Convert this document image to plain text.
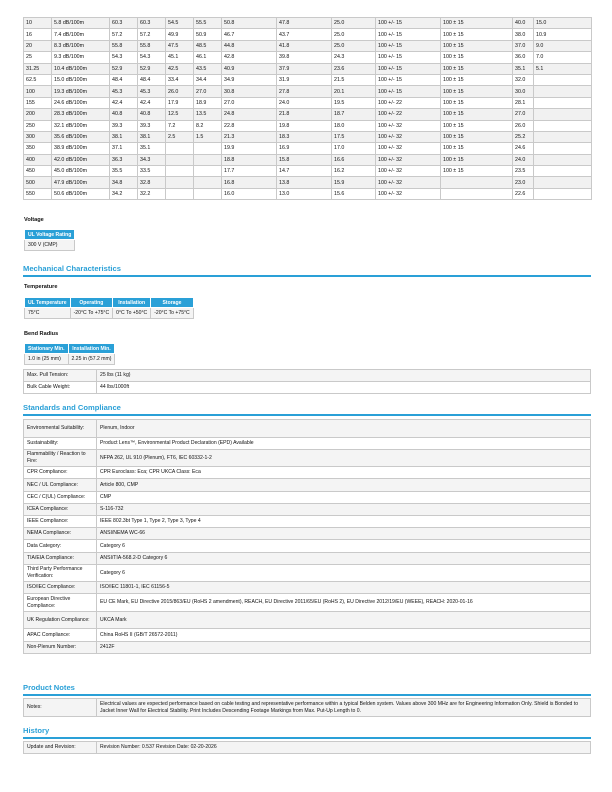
10	5.8 dB/100m	60.3	60.3	54.5	55.5	50.8	47.8	25.0	100 +/- 15	100 ± 15	40.0	15.0
16	7.4 dB/100m	57.2	57.2	49.9	50.9	46.7	43.7	25.0	100 +/- 15	100 ± 15	38.0	10.9
20	8.3 dB/100m	55.8	55.8	47.5	48.5	44.8	41.8	25.0	100 +/- 15	100 ± 15	37.0	9.0
25	9.3 dB/100m	54.3	54.3	45.1	46.1	42.8	39.8	24.3	100 +/- 15	100 ± 15	36.0	7.0
31.25	10.4 dB/100m	52.9	52.9	42.5	43.5	40.9	37.9	23.6	100 +/- 15	100 ± 15	35.1	5.1
62.5	15.0 dB/100m	48.4	48.4	33.4	34.4	34.9	31.9	21.5	100 +/- 15	100 ± 15	32.0	
100	19.3 dB/100m	45.3	45.3	26.0	27.0	30.8	27.8	20.1	100 +/- 15	100 ± 15	30.0	
155	24.6 dB/100m	42.4	42.4	17.9	18.9	27.0	24.0	19.5	100 +/- 22	100 ± 15	28.1	
200	28.3 dB/100m	40.8	40.8	12.5	13.5	24.8	21.8	18.7	100 +/- 22	100 ± 15	27.0	
250	32.1 dB/100m	39.3	39.3	7.2	8.2	22.8	19.8	18.0	100 +/- 32	100 ± 15	26.0	
300	35.6 dB/100m	38.1	38.1	2.5	1.5	21.3	18.3	17.5	100 +/- 32	100 ± 15	25.2	
350	38.9 dB/100m	37.1	35.1			19.9	16.9	17.0	100 +/- 32	100 ± 15	24.6	
400	42.0 dB/100m	36.3	34.3			18.8	15.8	16.6	100 +/- 32	100 ± 15	24.0	
450	45.0 dB/100m	35.5	33.5			17.7	14.7	16.2	100 +/- 32	100 ± 15	23.5	
500	47.9 dB/100m	34.8	32.8			16.8	13.8	15.9	100 +/- 32		23.0	
550	50.6 dB/100m	34.2	32.2			16.0	13.0	15.6	100 +/- 32		22.6	
Voltage
UL Voltage Rating
300 V (CMP)
Mechanical Characteristics
Temperature
UL Temperature	Operating	Installation	Storage
75°C	-20°C To +75°C	0°C To +50°C	-20°C To +75°C
Bend Radius
Stationary Min.	Installation Min.
1.0 in (25 mm)	2.25 in (57.2 mm)
Max. Pull Tension:	25 lbs (11 kg)
Bulk Cable Weight:	44 lbs/1000ft
Standards and Compliance
Environmental Suitability:	Plenum, Indoor
Sustainability:	Product Lens™, Environmental Product Declaration (EPD) Available
Flammability / Reaction to Fire:	NFPA 262, UL 910 (Plenum), FT6, IEC 60332-1-2
CPR Compliance:	CPR Euroclass: Eca; CPR UKCA Class: Eca
NEC / UL Compliance:	Article 800, CMP
CEC / C(UL) Compliance:	CMP
ICEA Compliance:	S-116-732
IEEE Compliance:	IEEE 802.3bt Type 1, Type 2, Type 3, Type 4
NEMA Compliance:	ANSI/NEMA WC-66
Data Category:	Category 6
TIA/EIA Compliance:	ANSI/TIA-568.2-D Category 6
Third Party Performance Verification:	Category 6
ISO/IEC Compliance:	ISO/IEC 11801-1, IEC 61156-5
European Directive Compliance:	EU CE Mark, EU Directive 2015/863/EU (RoHS 2 amendment), REACH, EU Directive 2011/65/EU (RoHS 2), EU Directive 2012/19/EU (WEEE), REACH: 2020-01-16
UK Regulation Compliance:	UKCA Mark
APAC Compliance:	China RoHS II (GB/T 26572-2011)
Non-Plenum Number:	2412F
Product Notes
Notes:	Electrical values are expected performance based on cable testing and representative performance within a typical Belden system. Values above 300 MHz are for Engineering Information Only. Shield is Bonded to Jacket Inner Wall for Electrical Stability. Print Includes Descending Footage Markings from Max. Put-Up Length to 0.
History
Update and Revision:	Revision Number: 0.537 Revision Date: 02-20-2026
